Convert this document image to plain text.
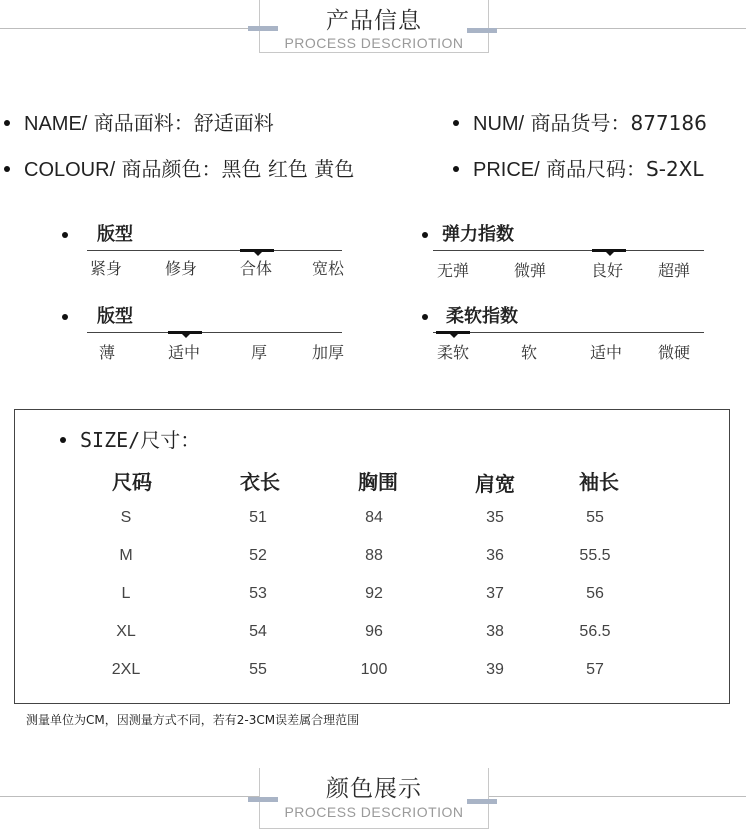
产品信息
PROCESS DESCRIOTION
NAME/ 商品面料：舒适面料	NUM/ 商品货号：877186
COLOUR/ 商品颜色：黑色 红色 黄色	PRICE/ 商品尺码：S-2XL
版型
紧身	修身	合体 宽松
弹力指数
无弹	微弹	良好 超弹
版型
薄	适中	厚	加厚
柔软指数
柔软	软	适中 微硬
SIZE/尺寸：
尺码	衣长	胸围	肩宽	袖长
S	51	84	35	55
M	52	88	36	55.5
L	53	92	37	56
XL	54	96	38	56.5
2XL	55	100	39	57
测量单位为CM，因测量方式不同，若有2-3CM误差属合理范围
颜色展示
PROCESS DESCRIOTION
